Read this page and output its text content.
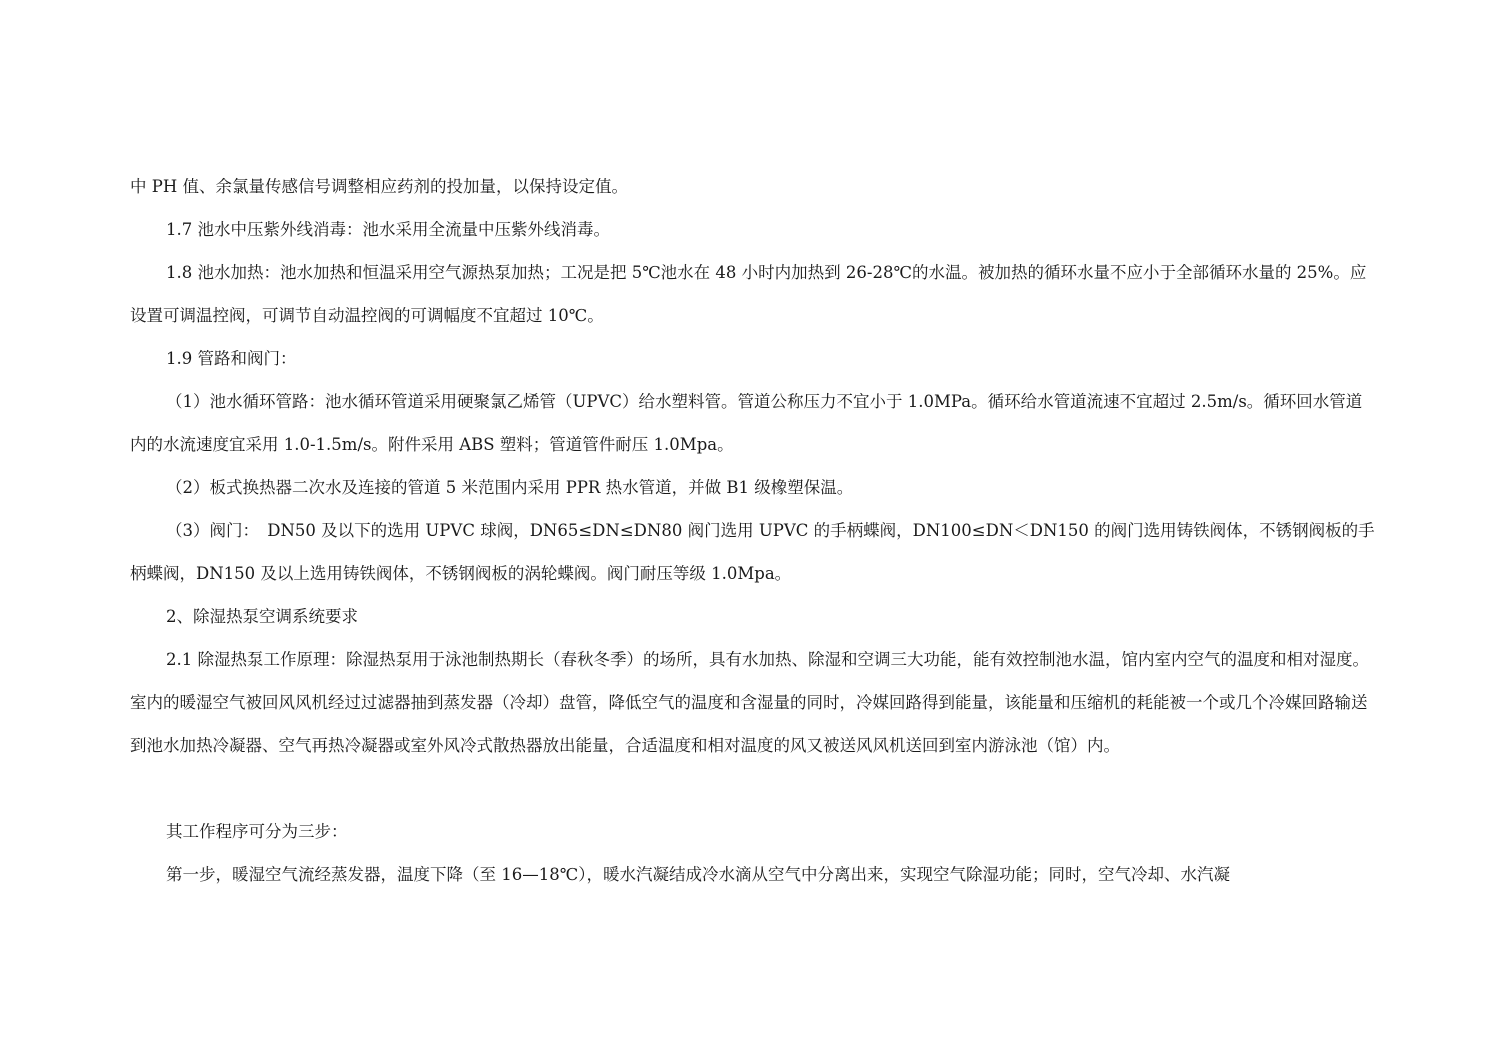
中 PH 值、余氯量传感信号调整相应药剂的投加量，以保持设定值。

1.7 池水中压紫外线消毒：池水采用全流量中压紫外线消毒。

1.8 池水加热：池水加热和恒温采用空气源热泵加热；工况是把 5℃池水在 48 小时内加热到 26-28℃的水温。被加热的循环水量不应小于全部循环水量的 25%。应设置可调温控阀，可调节自动温控阀的可调幅度不宜超过 10℃。

1.9 管路和阀门：

（1）池水循环管路：池水循环管道采用硬聚氯乙烯管（UPVC）给水塑料管。管道公称压力不宜小于 1.0MPa。循环给水管道流速不宜超过 2.5m/s。循环回水管道内的水流速度宜采用 1.0-1.5m/s。附件采用 ABS 塑料；管道管件耐压 1.0Mpa。

（2）板式换热器二次水及连接的管道 5 米范围内采用 PPR 热水管道，并做 B1 级橡塑保温。

（3）阀门：　DN50 及以下的选用 UPVC 球阀，DN65≤DN≤DN80 阀门选用 UPVC 的手柄蝶阀，DN100≤DN＜DN150 的阀门选用铸铁阀体，不锈钢阀板的手柄蝶阀，DN150 及以上选用铸铁阀体，不锈钢阀板的涡轮蝶阀。阀门耐压等级 1.0Mpa。

2、除湿热泵空调系统要求

2.1 除湿热泵工作原理：除湿热泵用于泳池制热期长（春秋冬季）的场所，具有水加热、除湿和空调三大功能，能有效控制池水温，馆内室内空气的温度和相对湿度。室内的暖湿空气被回风风机经过过滤器抽到蒸发器（冷却）盘管，降低空气的温度和含湿量的同时，冷媒回路得到能量，该能量和压缩机的耗能被一个或几个冷媒回路输送到池水加热冷凝器、空气再热冷凝器或室外风冷式散热器放出能量，合适温度和相对温度的风又被送风风机送回到室内游泳池（馆）内。

其工作程序可分为三步：

第一步，暖湿空气流经蒸发器，温度下降（至 16—18℃），暖水汽凝结成冷水滴从空气中分离出来，实现空气除湿功能；同时，空气冷却、水汽凝
